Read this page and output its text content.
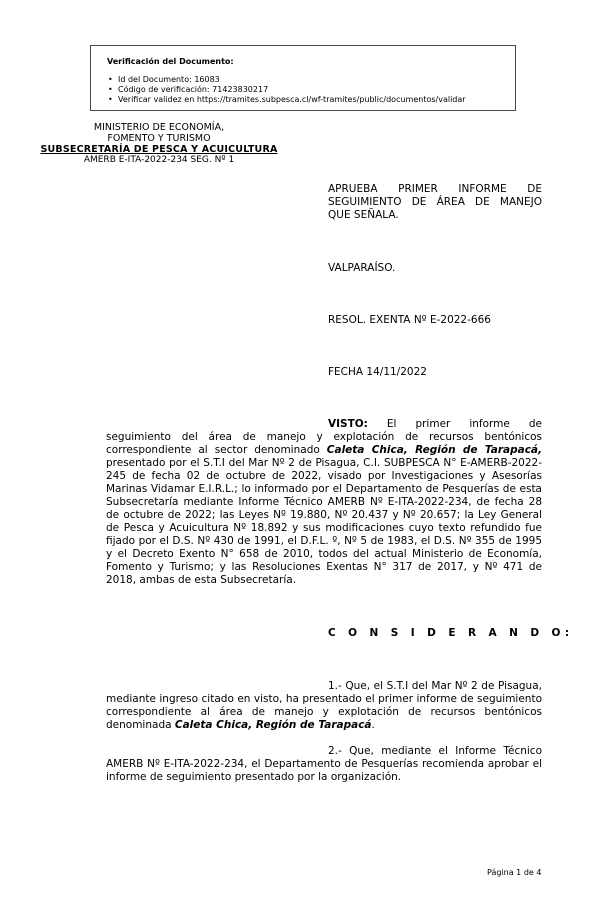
Verificación del Documento:
• Id del Documento: 16083
• Código de verificación: 71423830217
• Verificar validez en https://tramites.subpesca.cl/wf-tramites/public/documentos/validar
MINISTERIO DE ECONOMÍA,
FOMENTO Y TURISMO
SUBSECRETARÍA DE PESCA Y ACUICULTURA
AMERB E-ITA-2022-234 SEG. Nº 1
APRUEBA PRIMER INFORME DE
SEGUIMIENTO DE ÁREA DE MANEJO
QUE SEÑALA.
VALPARAÍSO.
RESOL. EXENTA Nº E-2022-666
FECHA 14/11/2022

VISTO: El primer informe de seguimiento del área de manejo y explotación de recursos bentónicos correspondiente al sector denominado Caleta Chica, Región de Tarapacá, presentado por el S.T.I del Mar Nº 2 de Pisagua, C.I. SUBPESCA N° E-AMERB-2022-245 de fecha 02 de octubre de 2022, visado por Investigaciones y Asesorías Marinas Vidamar E.I.R.L.; lo informado por el Departamento de Pesquerías de esta Subsecretaría mediante Informe Técnico AMERB Nº E-ITA-2022-234, de fecha 28 de octubre de 2022; las Leyes Nº 19.880, Nº 20.437 y Nº 20.657; la Ley General de Pesca y Acuicultura Nº 18.892 y sus modificaciones cuyo texto refundido fue fijado por el D.S. Nº 430 de 1991, el D.F.L. º, Nº 5 de 1983, el D.S. Nº 355 de 1995 y el Decreto Exento N° 658 de 2010, todos del actual Ministerio de Economía, Fomento y Turismo; y las Resoluciones Exentas N° 317 de 2017, y Nº 471 de 2018, ambas de esta Subsecretaría.

C O N S I D E R A N D O:

1.- Que, el S.T.I del Mar Nº 2 de Pisagua, mediante ingreso citado en visto, ha presentado el primer informe de seguimiento correspondiente al área de manejo y explotación de recursos bentónicos denominada Caleta Chica, Región de Tarapacá.

2.- Que, mediante el Informe Técnico AMERB Nº E-ITA-2022-234, el Departamento de Pesquerías recomienda aprobar el informe de seguimiento presentado por la organización.

Página 1 de 4
